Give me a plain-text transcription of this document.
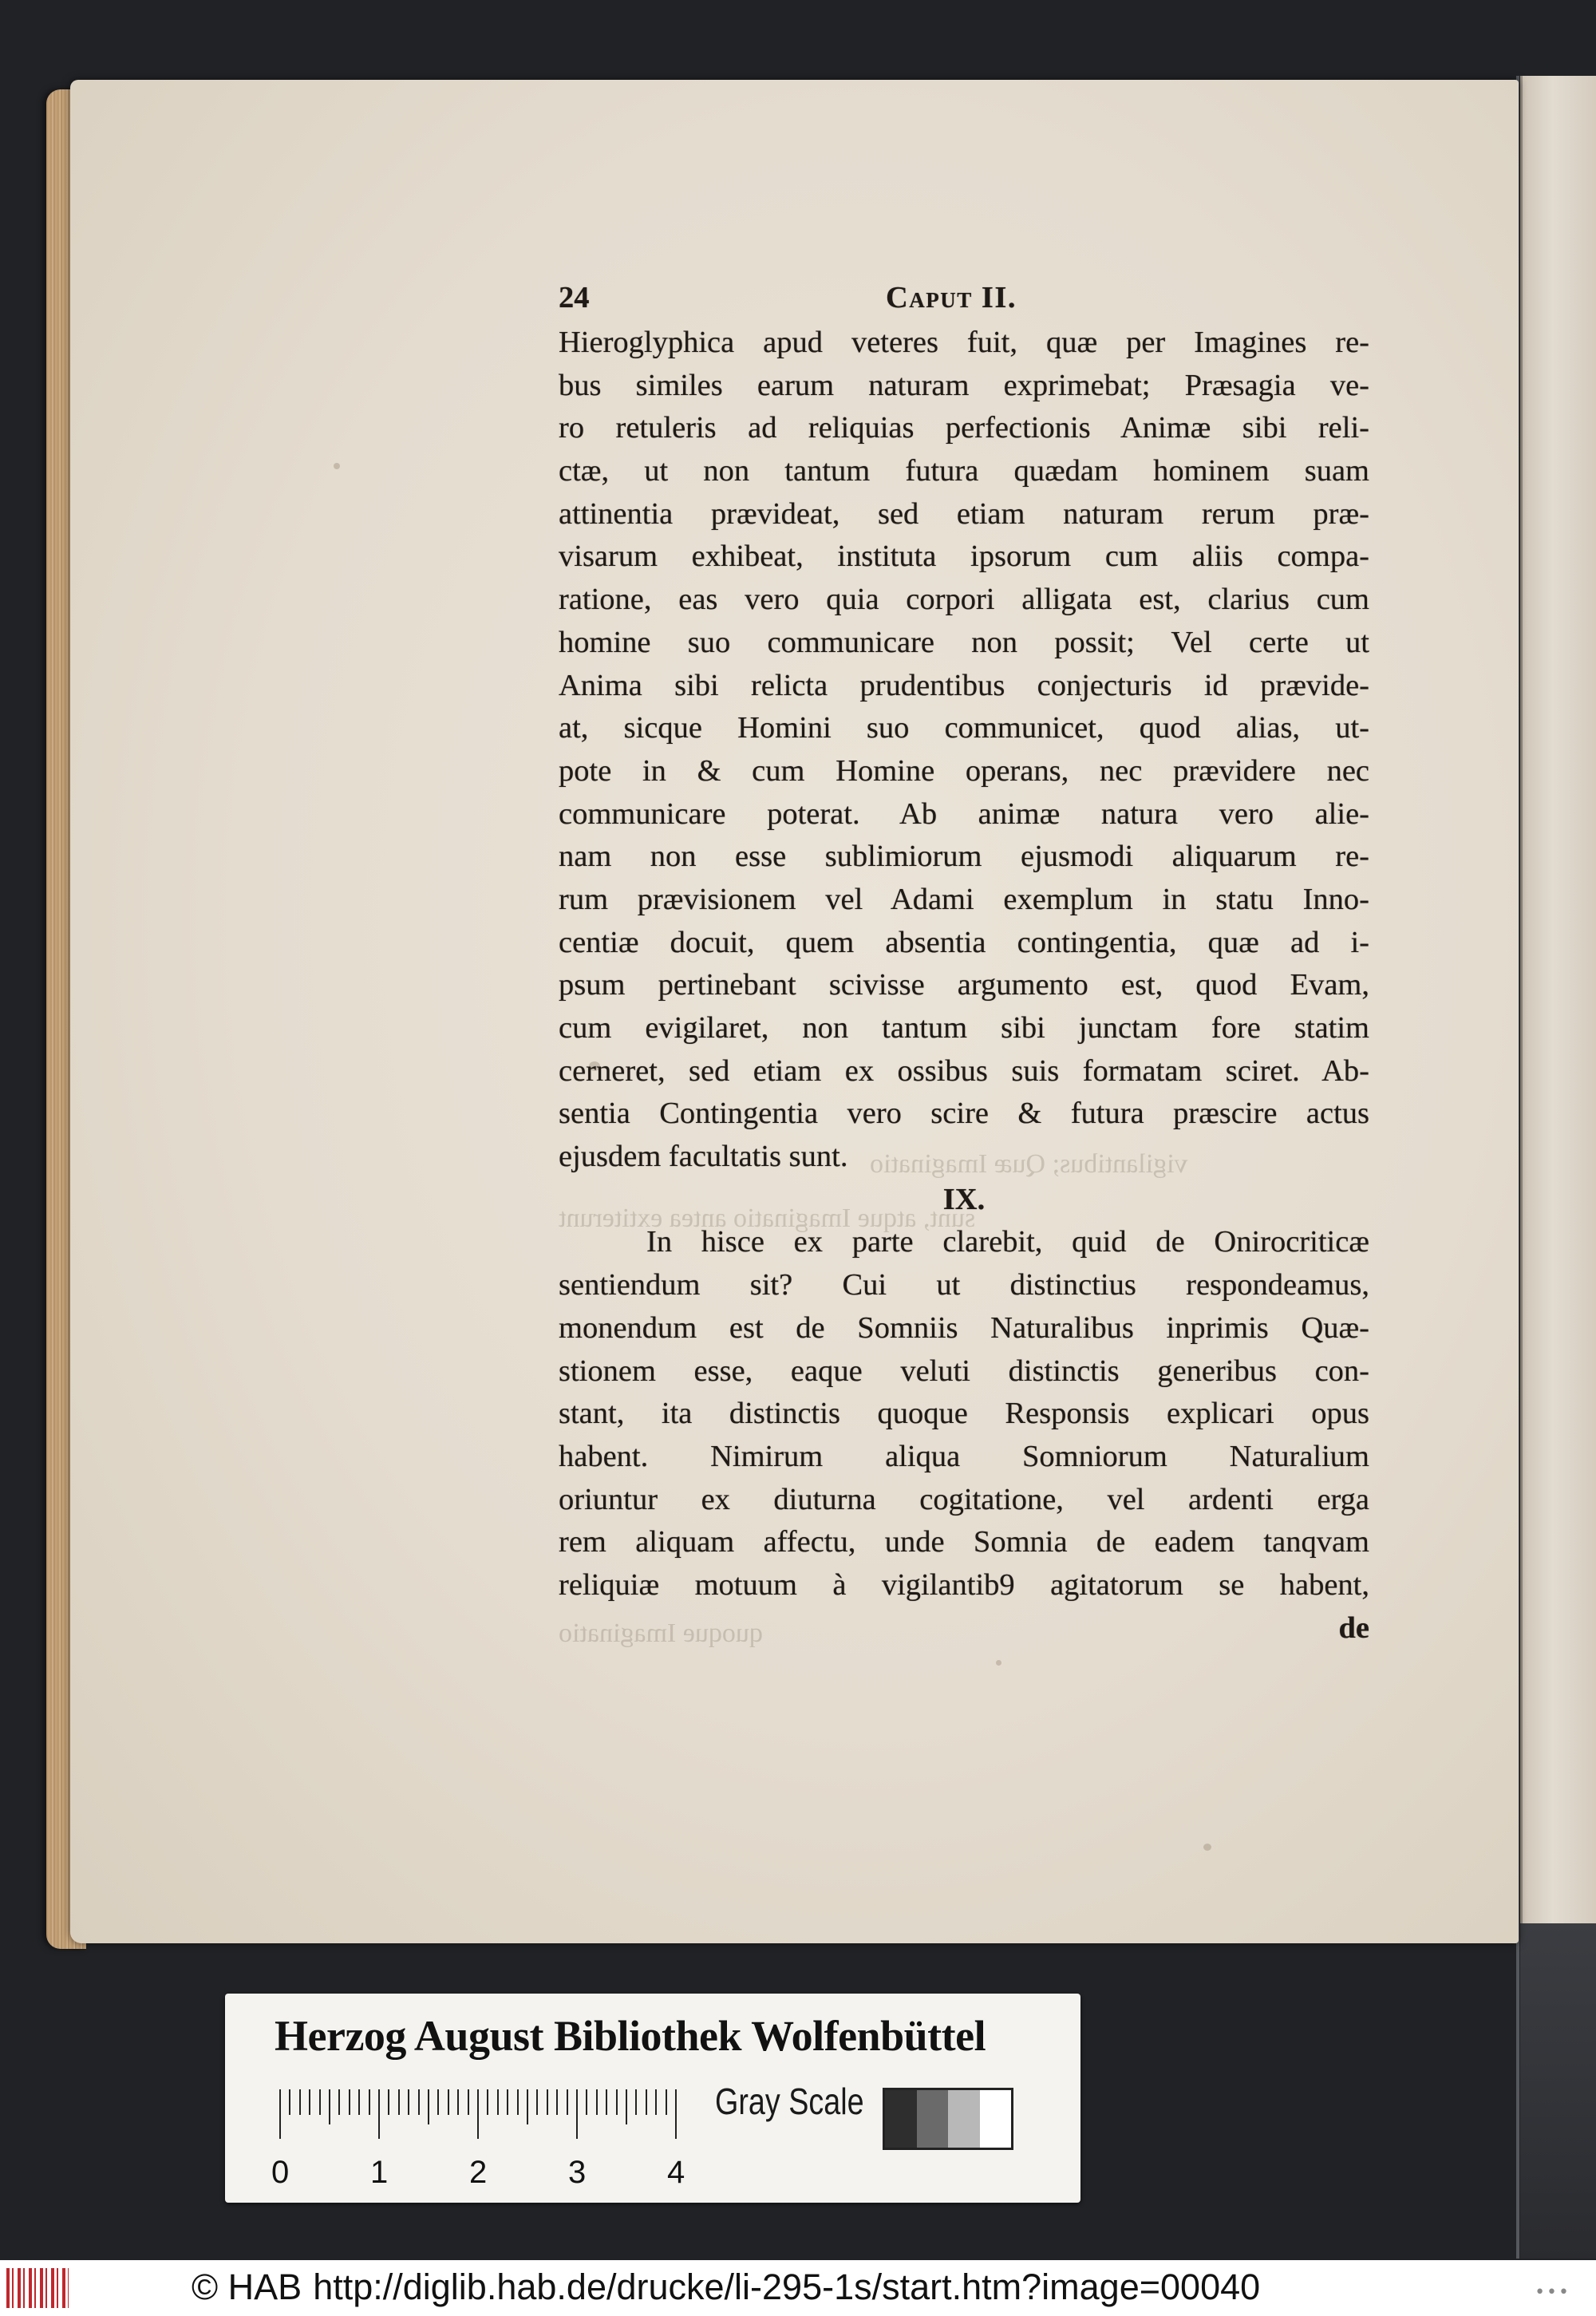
vigilantibus; Quæ Imaginatio
sunt, atque Imaginatio antea extiterunt
quoque Imaginatio
24	Caput II.
Hieroglyphica apud veteres fuit, quæ per Imagines re-
bus similes earum naturam exprimebat; Præsagia ve-
ro retuleris ad reliquias perfectionis Animæ sibi reli-
ctæ, ut non tantum futura quædam hominem suam
attinentia prævideat, sed etiam naturam rerum præ-
visarum exhibeat, instituta ipsorum cum aliis compa-
ratione, eas vero quia corpori alligata est, clarius cum
homine suo communicare non possit; Vel certe ut
Anima sibi relicta prudentibus conjecturis id prævide-
at, sicque Homini suo communicet, quod alias, ut-
pote in & cum Homine operans, nec prævidere nec
communicare poterat. Ab animæ natura vero alie-
nam non esse sublimiorum ejusmodi aliquarum re-
rum prævisionem vel Adami exemplum in statu Inno-
centiæ docuit, quem absentia contingentia, quæ ad i-
psum pertinebant scivisse argumento est, quod Evam,
cum evigilaret, non tantum sibi junctam fore statim
cerneret, sed etiam ex ossibus suis formatam sciret. Ab-
sentia Contingentia vero scire & futura præscire actus
ejusdem facultatis sunt.
IX.
In hisce ex parte clarebit, quid de Onirocriticæ
sentiendum sit? Cui ut distinctius respondeamus,
monendum est de Somniis Naturalibus inprimis Quæ-
stionem esse, eaque veluti distinctis generibus con-
stant, ita distinctis quoque Responsis explicari opus
habent. Nimirum aliqua Somniorum Naturalium
oriuntur ex diuturna cogitatione, vel ardenti erga
rem aliquam affectu, unde Somnia de eadem tanqvam
reliquiæ motuum à vigilantib9 agitatorum se habent,
de
Herzog August Bibliothek Wolfenbüttel
0	1	2	3	4
Gray Scale
© HAB http://diglib.hab.de/drucke/li-295-1s/start.htm?image=00040	•••
